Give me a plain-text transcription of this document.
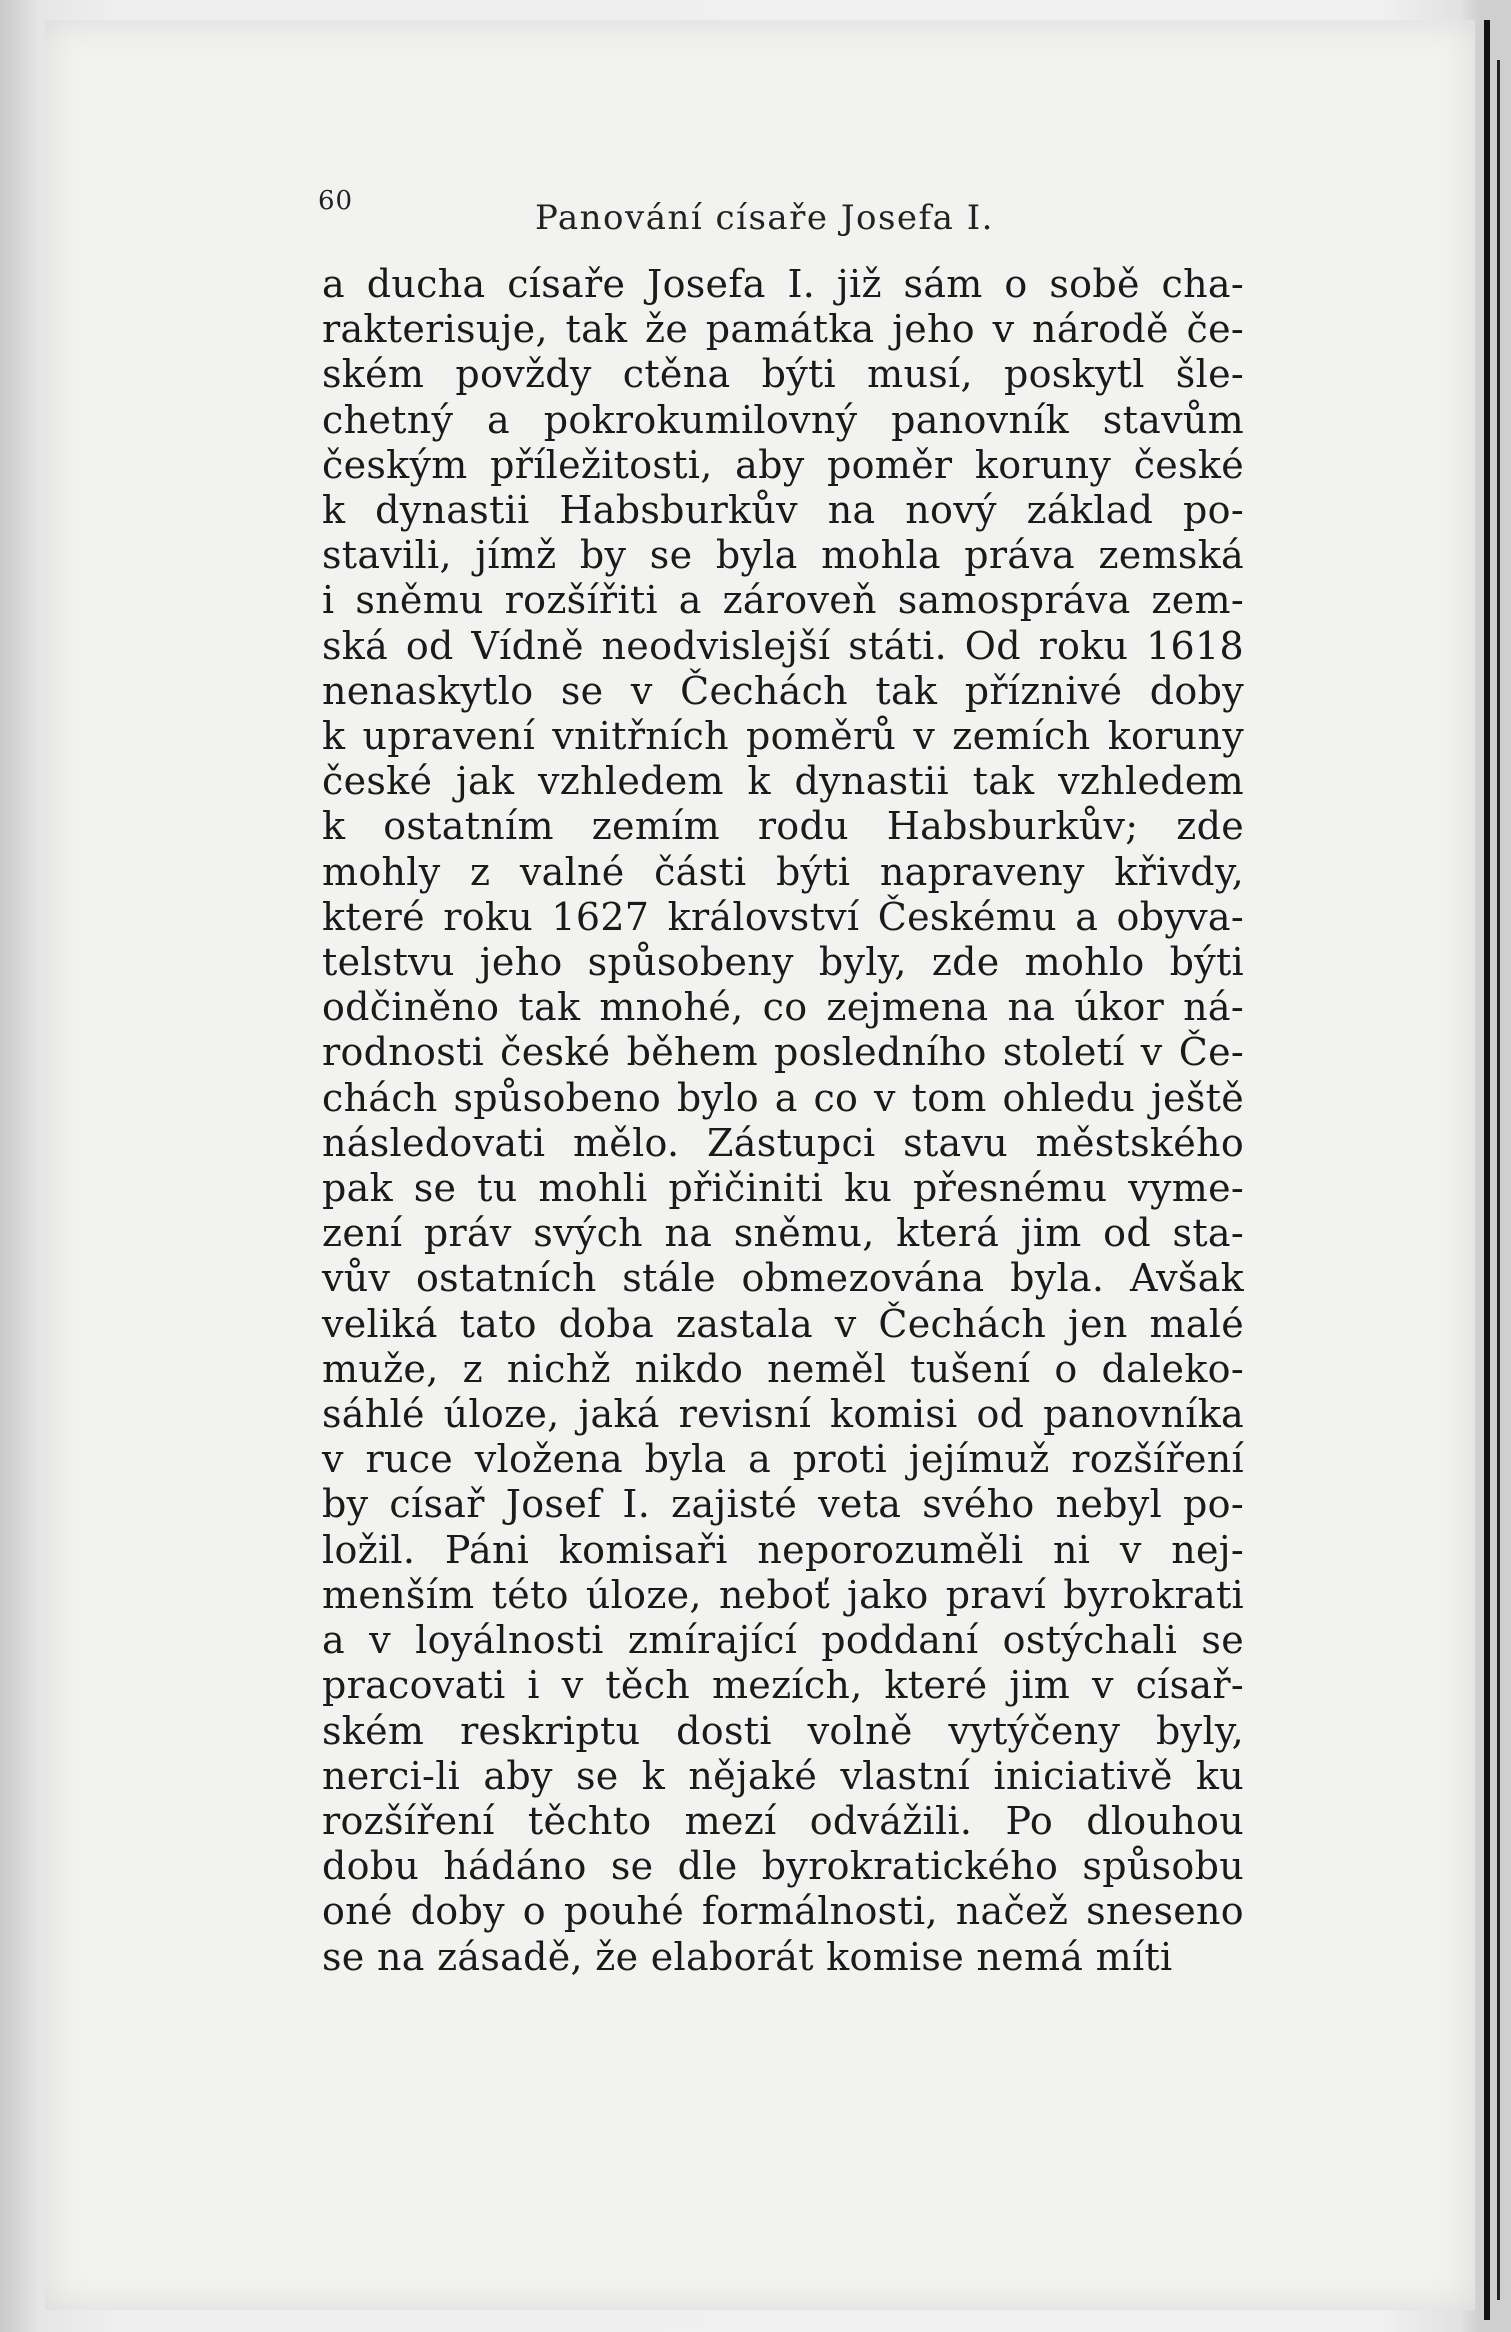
60	Panování císaře Josefa I.
a ducha císaře Josefa I. již sám o sobě cha-
rakterisuje, tak že památka jeho v národě če-
ském povždy ctěna býti musí, poskytl šle-
chetný a pokrokumilovný panovník stavům
českým příležitosti, aby poměr koruny české
k dynastii Habsburkův na nový základ po-
stavili, jímž by se byla mohla práva zemská
i sněmu rozšířiti a zároveň samospráva zem-
ská od Vídně neodvislejší státi. Od roku 1618
nenaskytlo se v Čechách tak příznivé doby
k upravení vnitřních poměrů v zemích koruny
české jak vzhledem k dynastii tak vzhledem
k ostatním zemím rodu Habsburkův; zde
mohly z valné části býti napraveny křivdy,
které roku 1627 království Českému a obyva-
telstvu jeho spůsobeny byly, zde mohlo býti
odčiněno tak mnohé, co zejmena na úkor ná-
rodnosti české během posledního století v Če-
chách spůsobeno bylo a co v tom ohledu ještě
následovati mělo. Zástupci stavu městského
pak se tu mohli přičiniti ku přesnému vyme-
zení práv svých na sněmu, která jim od sta-
vův ostatních stále obmezována byla. Avšak
veliká tato doba zastala v Čechách jen malé
muže, z nichž nikdo neměl tušení o daleko-
sáhlé úloze, jaká revisní komisi od panovníka
v ruce vložena byla a proti jejímuž rozšíření
by císař Josef I. zajisté veta svého nebyl po-
ložil. Páni komisaři neporozuměli ni v nej-
menším této úloze, neboť jako praví byrokrati
a v loyálnosti zmírající poddaní ostýchali se
pracovati i v těch mezích, které jim v císař-
ském reskriptu dosti volně vytýčeny byly,
nerci-li aby se k nějaké vlastní iniciativě ku
rozšíření těchto mezí odvážili. Po dlouhou
dobu hádáno se dle byrokratického spůsobu
oné doby o pouhé formálnosti, načež sneseno
se na zásadě, že elaborát komise nemá míti
